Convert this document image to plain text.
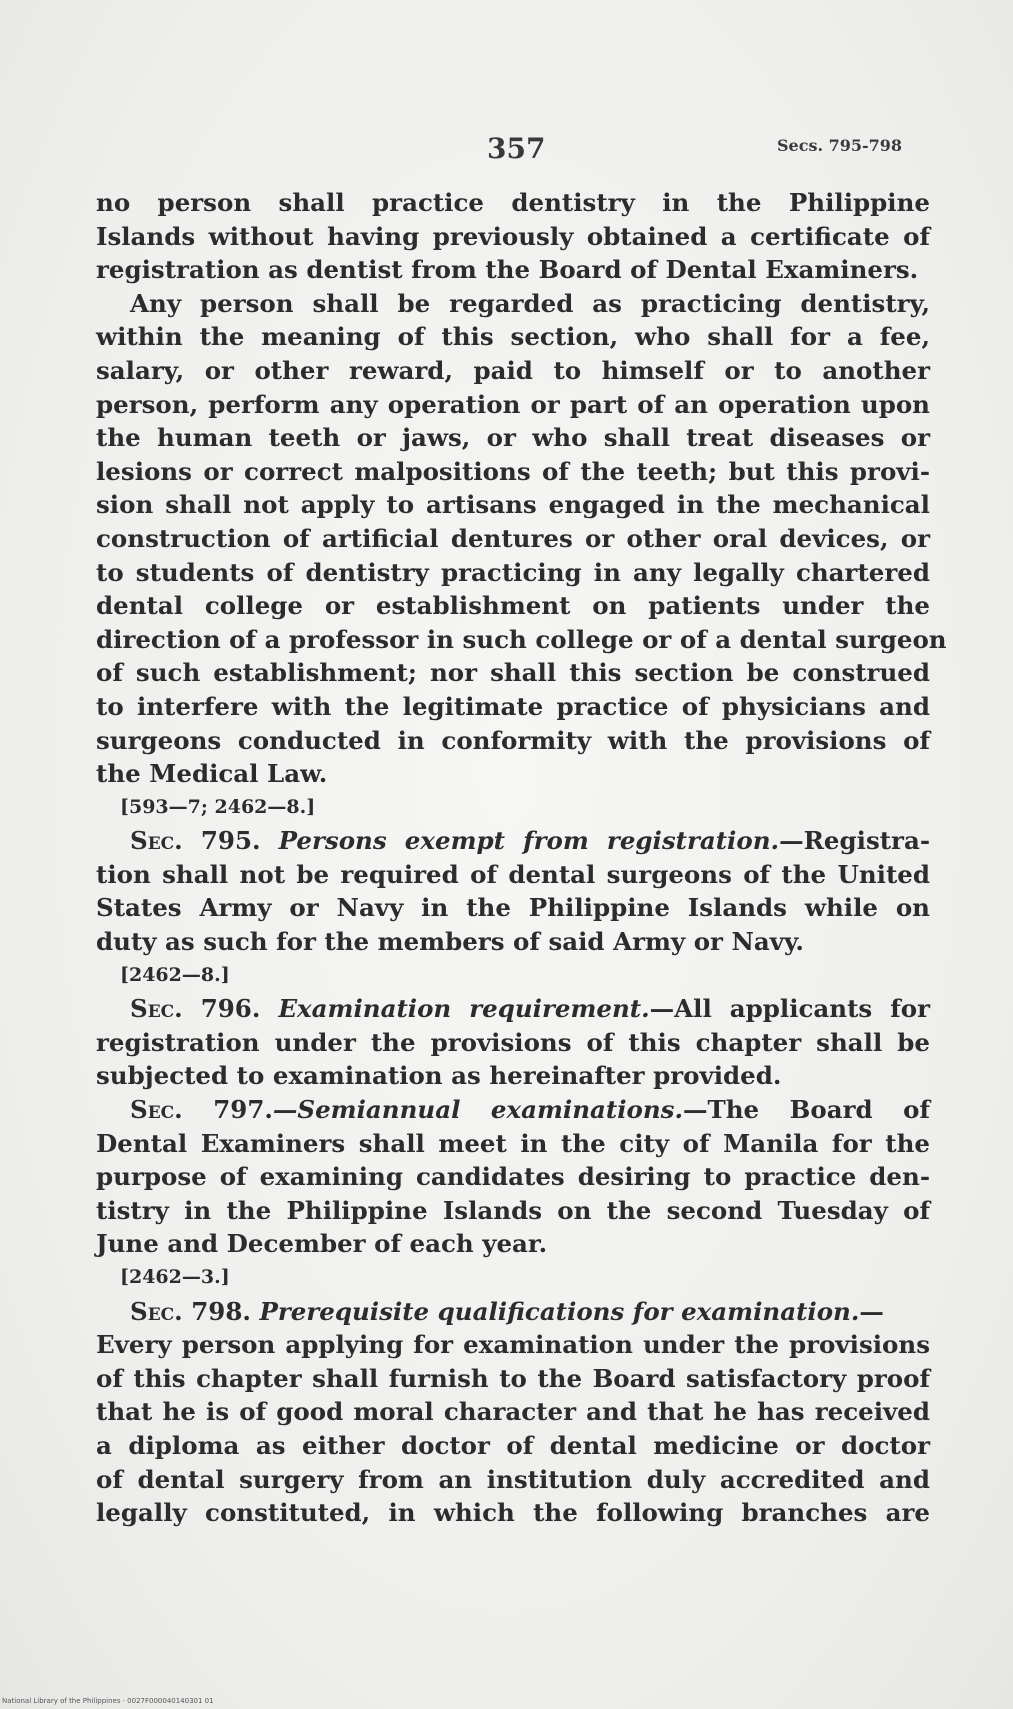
357	Secs. 795-798
no person shall practice dentistry in the Philippine
Islands without having previously obtained a certificate of
registration as dentist from the Board of Dental Examiners.
Any person shall be regarded as practicing dentistry,
within the meaning of this section, who shall for a fee,
salary, or other reward, paid to himself or to another
person, perform any operation or part of an operation upon
the human teeth or jaws, or who shall treat diseases or
lesions or correct malpositions of the teeth; but this provi-
sion shall not apply to artisans engaged in the mechanical
construction of artificial dentures or other oral devices, or
to students of dentistry practicing in any legally chartered
dental college or establishment on patients under the
direction of a professor in such college or of a dental surgeon
of such establishment; nor shall this section be construed
to interfere with the legitimate practice of physicians and
surgeons conducted in conformity with the provisions of
the Medical Law.
[593—7; 2462—8.]
Sec. 795. Persons exempt from registration.—Registra-
tion shall not be required of dental surgeons of the United
States Army or Navy in the Philippine Islands while on
duty as such for the members of said Army or Navy.
[2462—8.]
Sec. 796. Examination requirement.—All applicants for
registration under the provisions of this chapter shall be
subjected to examination as hereinafter provided.
Sec. 797.—Semiannual examinations.—The Board of
Dental Examiners shall meet in the city of Manila for the
purpose of examining candidates desiring to practice den-
tistry in the Philippine Islands on the second Tuesday of
June and December of each year.
[2462—3.]
Sec. 798. Prerequisite qualifications for examination.—
Every person applying for examination under the provisions
of this chapter shall furnish to the Board satisfactory proof
that he is of good moral character and that he has received
a diploma as either doctor of dental medicine or doctor
of dental surgery from an institution duly accredited and
legally constituted, in which the following branches are
National Library of the Philippines · 0027F000040140301 01
